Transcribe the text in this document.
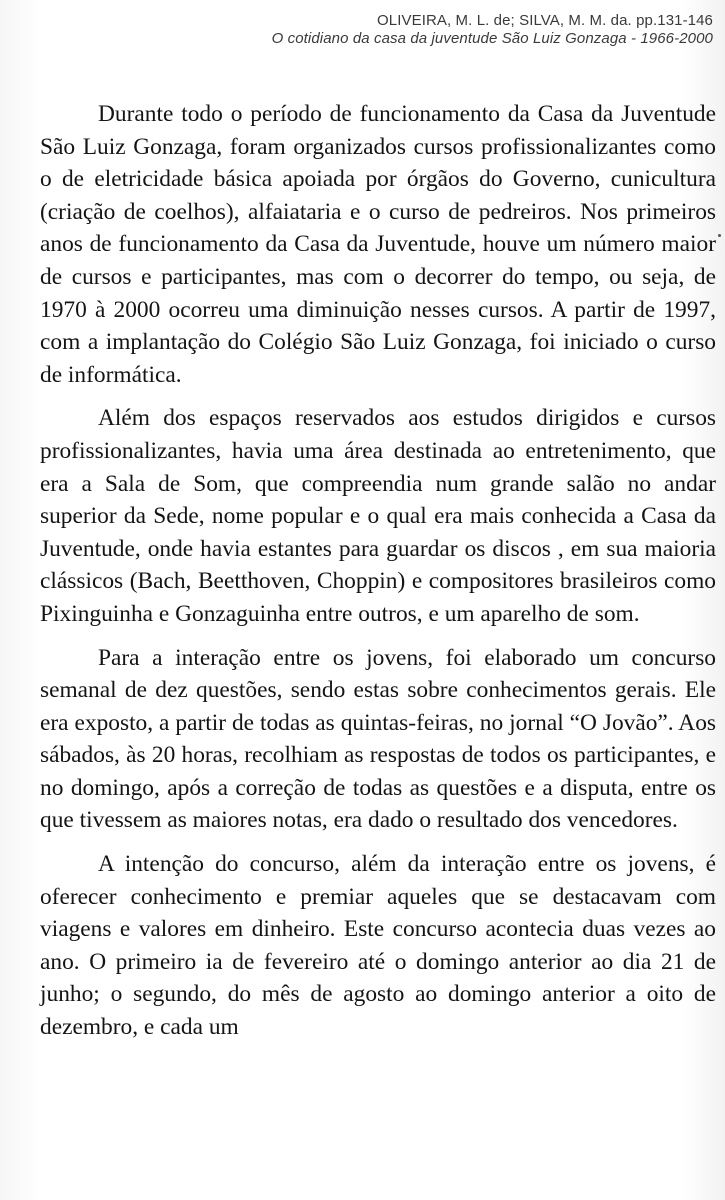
OLIVEIRA, M. L. de; SILVA, M. M. da. pp.131-146
O cotidiano da casa da juventude São Luiz Gonzaga - 1966-2000

Durante todo o período de funcionamento da Casa da Juventude São Luiz Gonzaga, foram organizados cursos profissionalizantes como o de eletricidade básica apoiada por órgãos do Governo, cunicultura (criação de coelhos), alfaiataria e o curso de pedreiros. Nos primeiros anos de funcionamento da Casa da Juventude, houve um número maior de cursos e participantes, mas com o decorrer do tempo, ou seja, de 1970 à 2000 ocorreu uma diminuição nesses cursos. A partir de 1997, com a implantação do Colégio São Luiz Gonzaga, foi iniciado o curso de informática.

Além dos espaços reservados aos estudos dirigidos e cursos profissionalizantes, havia uma área destinada ao entretenimento, que era a Sala de Som, que compreendia num grande salão no andar superior da Sede, nome popular e o qual era mais conhecida a Casa da Juventude, onde havia estantes para guardar os discos , em sua maioria clássicos (Bach, Beetthoven, Choppin) e compositores brasileiros como Pixinguinha e Gonzaguinha entre outros, e um aparelho de som.

Para a interação entre os jovens, foi elaborado um concurso semanal de dez questões, sendo estas sobre conhecimentos gerais. Ele era exposto, a partir de todas as quintas-feiras, no jornal “O Jovão”. Aos sábados, às 20 horas, recolhiam as respostas de todos os participantes, e no domingo, após a correção de todas as questões e a disputa, entre os que tivessem as maiores notas, era dado o resultado dos vencedores.

A intenção do concurso, além da interação entre os jovens, é oferecer conhecimento e premiar aqueles que se destacavam com viagens e valores em dinheiro. Este concurso acontecia duas vezes ao ano. O primeiro ia de fevereiro até o domingo anterior ao dia 21 de junho; o segundo, do mês de agosto ao domingo anterior a oito de dezembro, e cada um
